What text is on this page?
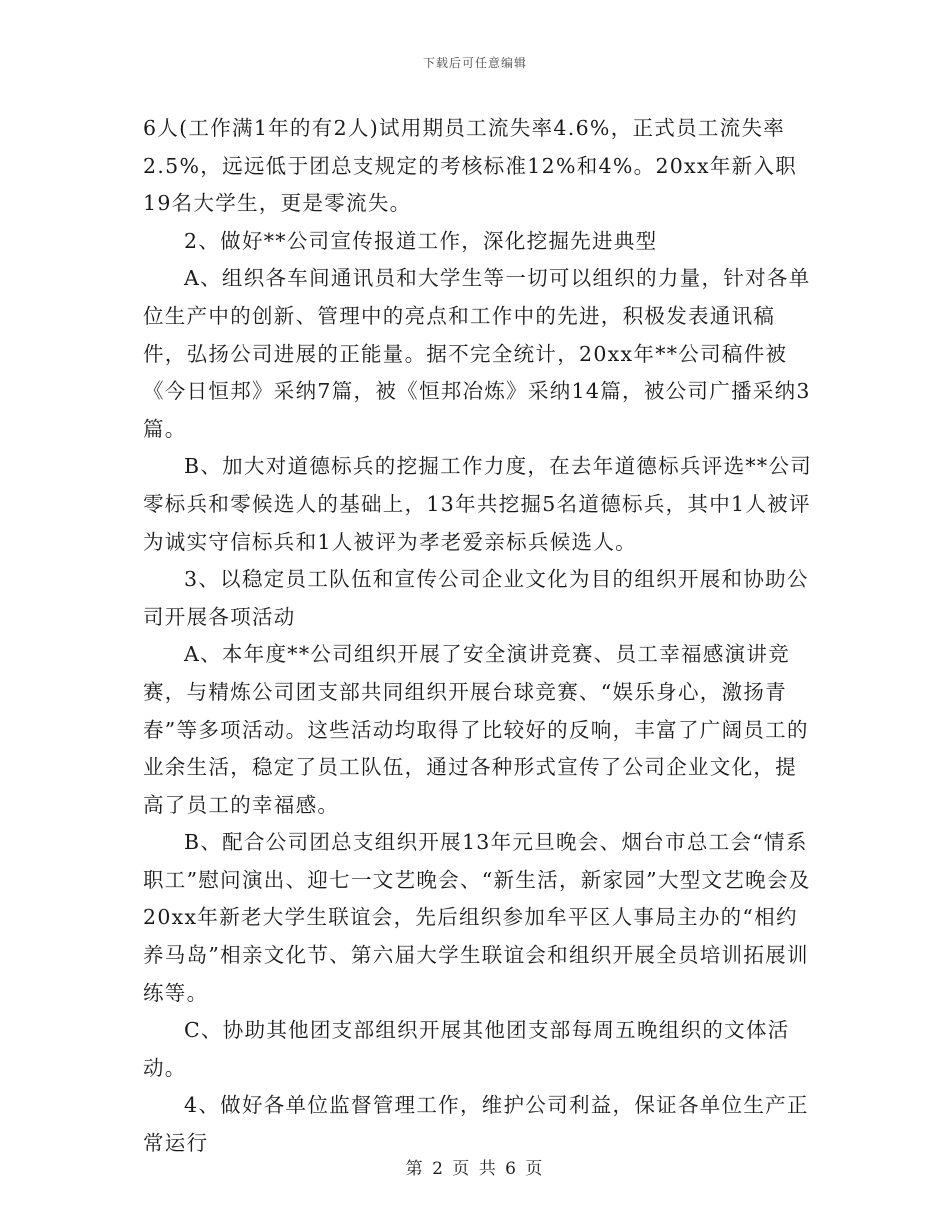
下载后可任意编辑

6人(工作满1年的有2人)试用期员工流失率4.6%，正式员工流失率2.5%，远远低于团总支规定的考核标准12%和4%。20xx年新入职19名大学生，更是零流失。

2、做好**公司宣传报道工作，深化挖掘先进典型

A、组织各车间通讯员和大学生等一切可以组织的力量，针对各单位生产中的创新、管理中的亮点和工作中的先进，积极发表通讯稿件，弘扬公司进展的正能量。据不完全统计，20xx年**公司稿件被《今日恒邦》采纳7篇，被《恒邦冶炼》采纳14篇，被公司广播采纳3篇。

B、加大对道德标兵的挖掘工作力度，在去年道德标兵评选**公司零标兵和零候选人的基础上，13年共挖掘5名道德标兵，其中1人被评为诚实守信标兵和1人被评为孝老爱亲标兵候选人。

3、以稳定员工队伍和宣传公司企业文化为目的组织开展和协助公司开展各项活动

A、本年度**公司组织开展了安全演讲竞赛、员工幸福感演讲竞赛，与精炼公司团支部共同组织开展台球竞赛、“娱乐身心，激扬青春”等多项活动。这些活动均取得了比较好的反响，丰富了广阔员工的业余生活，稳定了员工队伍，通过各种形式宣传了公司企业文化，提高了员工的幸福感。

B、配合公司团总支组织开展13年元旦晚会、烟台市总工会“情系职工”慰问演出、迎七一文艺晚会、“新生活，新家园”大型文艺晚会及20xx年新老大学生联谊会，先后组织参加牟平区人事局主办的“相约养马岛”相亲文化节、第六届大学生联谊会和组织开展全员培训拓展训练等。

C、协助其他团支部组织开展其他团支部每周五晚组织的文体活动。

4、做好各单位监督管理工作，维护公司利益，保证各单位生产正常运行

第 2 页 共 6 页
